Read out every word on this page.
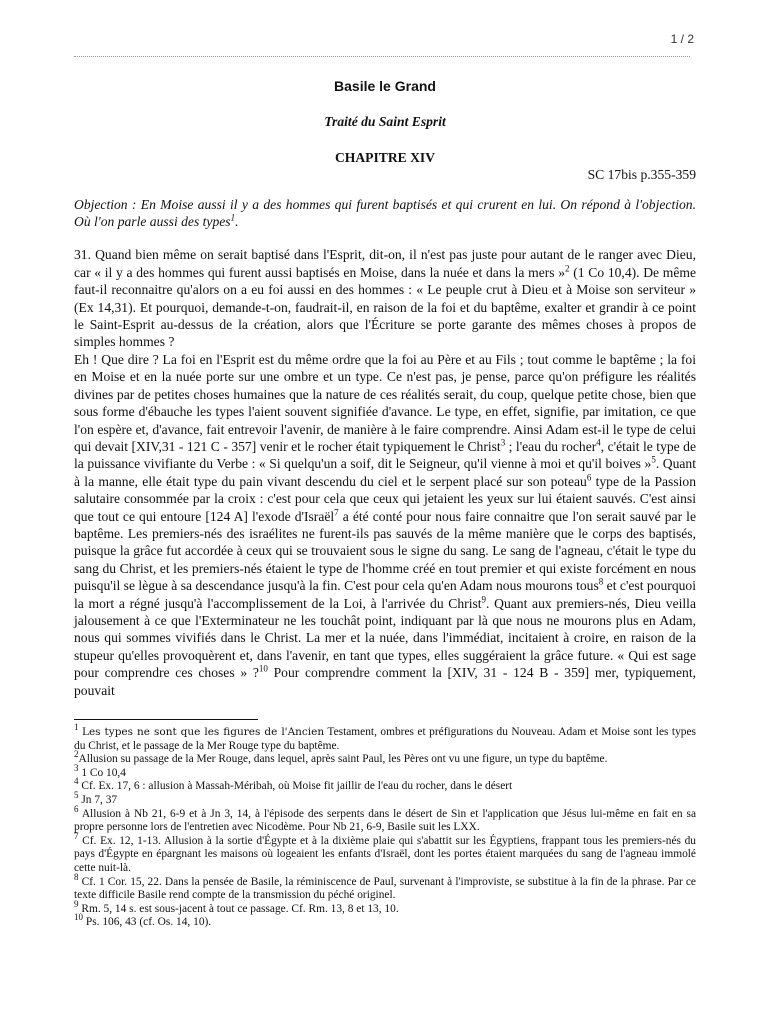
1 / 2
Basile le Grand
Traité du Saint Esprit
CHAPITRE XIV
SC 17bis p.355-359

Objection : En Moise aussi il y a des hommes qui furent baptisés et qui crurent en lui. On répond à l'objection. Où l'on parle aussi des types$^1$.

31. Quand bien même on serait baptisé dans l'Esprit, dit-on, il n'est pas juste pour autant de le ranger avec Dieu, car « il y a des hommes qui furent aussi baptisés en Moise, dans la nuée et dans la mers »$^2$ (1 Co 10,4). De même faut-il reconnaitre qu'alors on a eu foi aussi en des hommes : « Le peuple crut à Dieu et à Moise son serviteur » (Ex 14,31). Et pourquoi, demande-t-on, faudrait-il, en raison de la foi et du baptême, exalter et grandir à ce point le Saint-Esprit au-dessus de la création, alors que l'Écriture se porte garante des mêmes choses à propos de simples hommes ?

Eh ! Que dire ? La foi en l'Esprit est du même ordre que la foi au Père et au Fils ; tout comme le baptême ; la foi en Moise et en la nuée porte sur une ombre et un type. Ce n'est pas, je pense, parce qu'on préfigure les réalités divines par de petites choses humaines que la nature de ces réalités serait, du coup, quelque petite chose, bien que sous forme d'ébauche les types l'aient souvent signifiée d'avance. Le type, en effet, signifie, par imitation, ce que l'on espère et, d'avance, fait entrevoir l'avenir, de manière à le faire comprendre. Ainsi Adam est-il le type de celui qui devait [XIV,31 - 121 C - 357] venir et le rocher était typiquement le Christ$^3$ ; l'eau du rocher$^4$, c'était le type de la puissance vivifiante du Verbe : « Si quelqu'un a soif, dit le Seigneur, qu'il vienne à moi et qu'il boives »$^5$. Quant à la manne, elle était type du pain vivant descendu du ciel et le serpent placé sur son poteau$^6$ type de la Passion salutaire consommée par la croix : c'est pour cela que ceux qui jetaient les yeux sur lui étaient sauvés. C'est ainsi que tout ce qui entoure [124 A] l'exode d'Israël$^7$ a été conté pour nous faire connaitre que l'on serait sauvé par le baptême. Les premiers-nés des israélites ne furent-ils pas sauvés de la même manière que le corps des baptisés, puisque la grâce fut accordée à ceux qui se trouvaient sous le signe du sang. Le sang de l'agneau, c'était le type du sang du Christ, et les premiers-nés étaient le type de l'homme créé en tout premier et qui existe forcément en nous puisqu'il se lègue à sa descendance jusqu'à la fin. C'est pour cela qu'en Adam nous mourons tous$^8$ et c'est pourquoi la mort a régné jusqu'à l'accomplissement de la Loi, à l'arrivée du Christ$^9$. Quant aux premiers-nés, Dieu veilla jalousement à ce que l'Exterminateur ne les touchât point, indiquant par là que nous ne mourons plus en Adam, nous qui sommes vivifiés dans le Christ. La mer et la nuée, dans l'immédiat, incitaient à croire, en raison de la stupeur qu'elles provoquèrent et, dans l'avenir, en tant que types, elles suggéraient la grâce future. « Qui est sage pour comprendre ces choses » ?$^{10}$ Pour comprendre comment la [XIV, 31 - 124 B - 359] mer, typiquement, pouvait

$^1$ Les types ne sont que les figures de l'Ancien Testament, ombres et préfigurations du Nouveau. Adam et Moise sont les types du Christ, et le passage de la Mer Rouge type du baptême.

$^2$Allusion su passage de la Mer Rouge, dans lequel, après saint Paul, les Pères ont vu une figure, un type du baptême.

$^3$ 1 Co 10,4

$^4$ Cf. Ex. 17, 6 : allusion à Massah-Méribah, où Moise fit jaillir de l'eau du rocher, dans le désert

$^5$ Jn 7, 37

$^6$ Allusion à Nb 21, 6-9 et à Jn 3, 14, à l'épisode des serpents dans le désert de Sin et l'application que Jésus lui-même en fait en sa propre personne lors de l'entretien avec Nicodème. Pour Nb 21, 6-9, Basile suit les LXX.

$^7$ Cf. Ex. 12, 1-13. Allusion à la sortie d'Égypte et à la dixième plaie qui s'abattit sur les Égyptiens, frappant tous les premiers-nés du pays d'Égypte en épargnant les maisons où logeaient les enfants d'Israël, dont les portes étaient marquées du sang de l'agneau immolé cette nuit-là.

$^8$ Cf. 1 Cor. 15, 22. Dans la pensée de Basile, la réminiscence de Paul, survenant à l'improviste, se substitue à la fin de la phrase. Par ce texte difficile Basile rend compte de la transmission du péché originel.

$^9$ Rm. 5, 14 s. est sous-jacent à tout ce passage. Cf. Rm. 13, 8 et 13, 10.

$^{10}$ Ps. 106, 43 (cf. Os. 14, 10).
